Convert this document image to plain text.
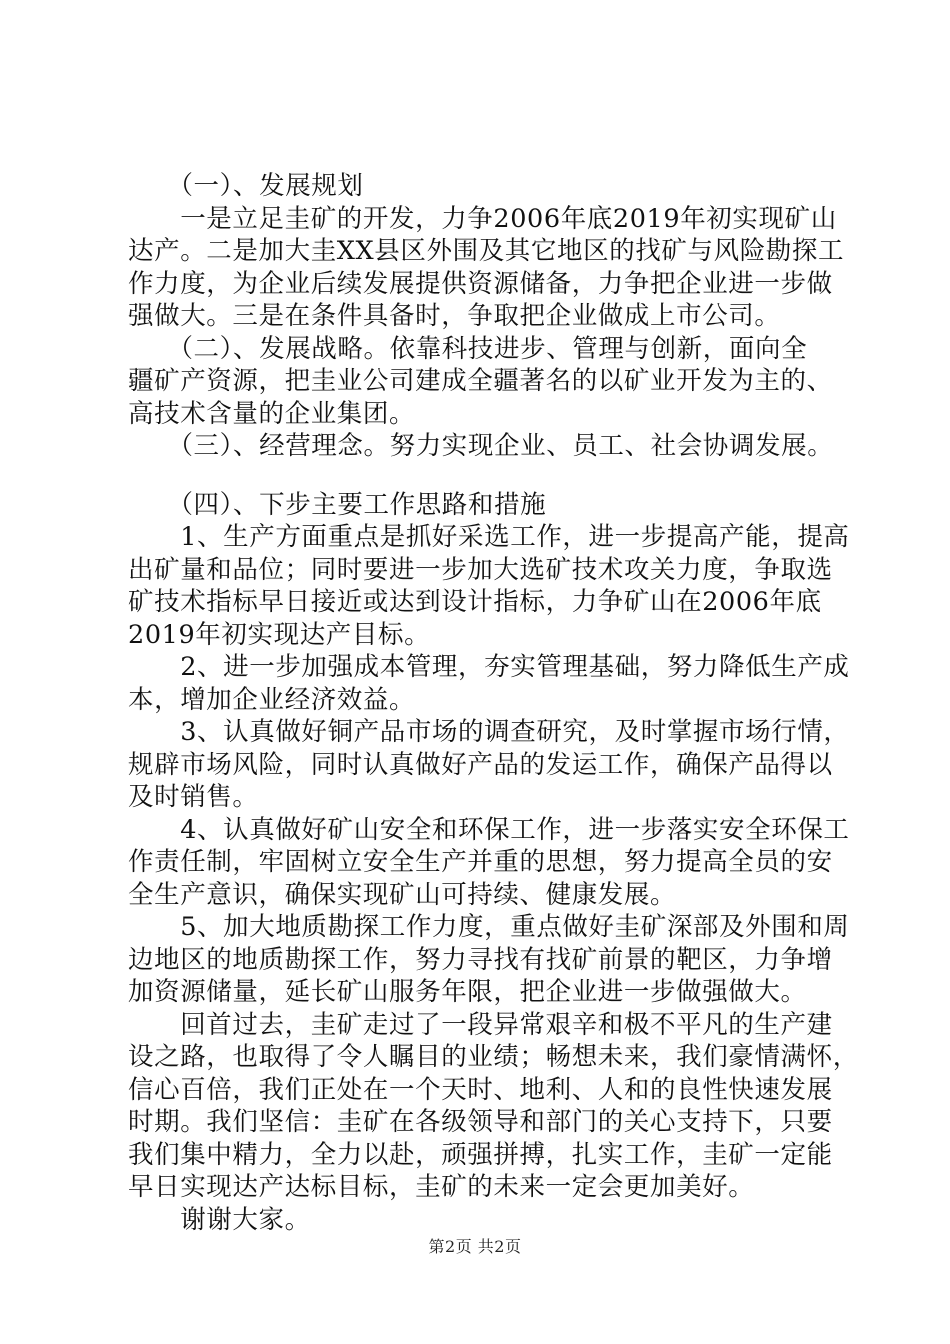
　　（一）、发展规划
　　一是立足圭矿的开发，力争2006年底2019年初实现矿山
达产。二是加大圭XX县区外围及其它地区的找矿与风险勘探工
作力度，为企业后续发展提供资源储备，力争把企业进一步做
强做大。三是在条件具备时，争取把企业做成上市公司。
　　（二）、发展战略。依靠科技进步、管理与创新，面向全
疆矿产资源，把圭业公司建成全疆著名的以矿业开发为主的、
高技术含量的企业集团。
　　（三）、经营理念。努力实现企业、员工、社会协调发展。
　　（四）、下步主要工作思路和措施
　　1、生产方面重点是抓好采选工作，进一步提高产能，提高
出矿量和品位；同时要进一步加大选矿技术攻关力度，争取选
矿技术指标早日接近或达到设计指标，力争矿山在2006年底
2019年初实现达产目标。
　　2、进一步加强成本管理，夯实管理基础，努力降低生产成
本，增加企业经济效益。
　　3、认真做好铜产品市场的调查研究，及时掌握市场行情，
规辟市场风险，同时认真做好产品的发运工作，确保产品得以
及时销售。
　　4、认真做好矿山安全和环保工作，进一步落实安全环保工
作责任制，牢固树立安全生产并重的思想，努力提高全员的安
全生产意识，确保实现矿山可持续、健康发展。
　　5、加大地质勘探工作力度，重点做好圭矿深部及外围和周
边地区的地质勘探工作，努力寻找有找矿前景的靶区，力争增
加资源储量，延长矿山服务年限，把企业进一步做强做大。
　　回首过去，圭矿走过了一段异常艰辛和极不平凡的生产建
设之路，也取得了令人瞩目的业绩；畅想未来，我们豪情满怀，
信心百倍，我们正处在一个天时、地利、人和的良性快速发展
时期。我们坚信：圭矿在各级领导和部门的关心支持下，只要
我们集中精力，全力以赴，顽强拼搏，扎实工作，圭矿一定能
早日实现达产达标目标，圭矿的未来一定会更加美好。
　　谢谢大家。
第2页 共2页
